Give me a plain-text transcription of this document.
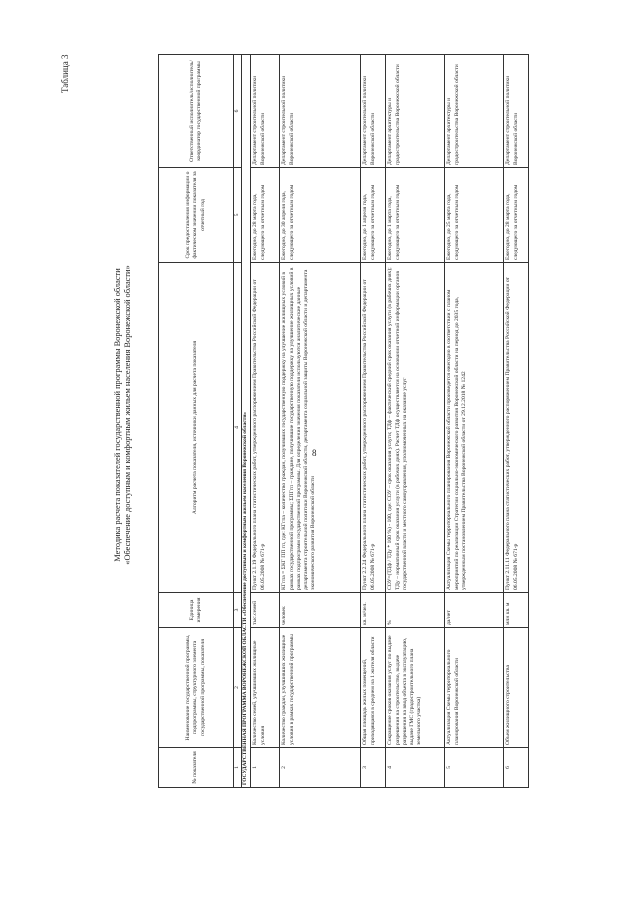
8
Таблица 3
Методика расчета показателей государственной программы Воронежской области «Обеспечение доступным и комфортным жильем населения Воронежской области»
№ показателя	Наименование государственной программы, подпрограммы, структурного элемента государственной программы, показателя	Единица измерения	Алгоритм расчета показателя, источники данных для расчета показателя	Срок предоставления информации о фактическом значении показателя за отчетный год	Ответственный исполнитель/исполнитель/ координатор государственной программы
1	2	3	4	5	6
ГОСУДАРСТВЕННАЯ ПРОГРАММА ВОРОНЕЖСКОЙ ОБЛАСТИ «Обеспечение доступным и комфортным жильем населения Воронежской области»					
1	Количество семей, улучшивших жилищные условия	тыс.семей	Пункт 2.1.19 Федерального плана статистических работ, утвержденного распоряжением Правительства Российской Федерации от 06.05.2008 № 671-р	Ежегодно, до 28 марта года, следующего за отчетным годом	Департамент строительной политики Воронежской области
2	Количество граждан, улучшивших жилищные условия в рамках государственной программы	человек	КГгпа = ΣКГ ПП гп, где: КГгпа – количество граждан, получивших государственную поддержку на улучшение жилищных условий в рамках государственной программы; ΣПГгп – граждане, получившие государственную поддержку на улучшение жилищных условий в рамках подпрограмм государственной программы. Для определения значения показателя используются аналитические данные департамента строительной политики Воронежской области, департамента социальной защиты Воронежской области и департамента экономического развития Воронежской области	Ежегодно, до 30 апреля года, следующего за отчетным годом	Департамент строительной политики Воронежской области
3	Общая площадь жилых помещений, приходящаяся в среднем на 1 жителя области	кв. м/чел.	Пункт 2.2.24 Федерального плана статистических работ, утвержденного распоряжением Правительства Российской Федерации от 06.05.2008 № 671-р	Ежегодно, до 1 апреля года, следующего за отчетным годом	Департамент строительной политики Воронежской области
4	Сокращение сроков оказания услуг по выдаче разрешения на строительство, выдаче разрешения на ввод объекта в эксплуатацию, выдаче ГМС (градостроительного плана земельного участка)	%	СОУ=(ТДф / ТДу * 100 %) - 100, где: СОУ – срок оказания услуги; ТДф – фактический средний срок оказания услуги (в рабочих днях); ТДу – нормативный срок оказания услуги (в рабочих днях). Расчет ТДф осуществляется на основании отчетной информации органов государственной власти и местного самоуправления, уполномоченных на оказание услуг	Ежегодно, до 1 марта года, следующего за отчетным годом	Департамент архитектуры и градостроительства Воронежской области
5	Актуализация Схемы территориального планирования Воронежской области	да/нет	Актуализация Схемы территориального планирования Воронежской области произведется ежегодно в соответствии с планом мероприятий по реализации Стратегии социально-экономического развития Воронежской области на период до 2035 года, утвержденным постановлением Правительства Воронежской области от 29.12.2018 № 1242	Ежегодно, до 25 марта года, следующего за отчетным годом	Департамент архитектуры и градостроительства Воронежской области
6	Объем жилищного строительства	млн кв. м	Пункт 2.11.11 Федерального плана статистических работ, утвержденного распоряжением Правительства Российской Федерации от 06.05.2008 № 671-р	Ежегодно, до 28 марта года, следующего за отчетным годом	Департамент строительной политики Воронежской области
